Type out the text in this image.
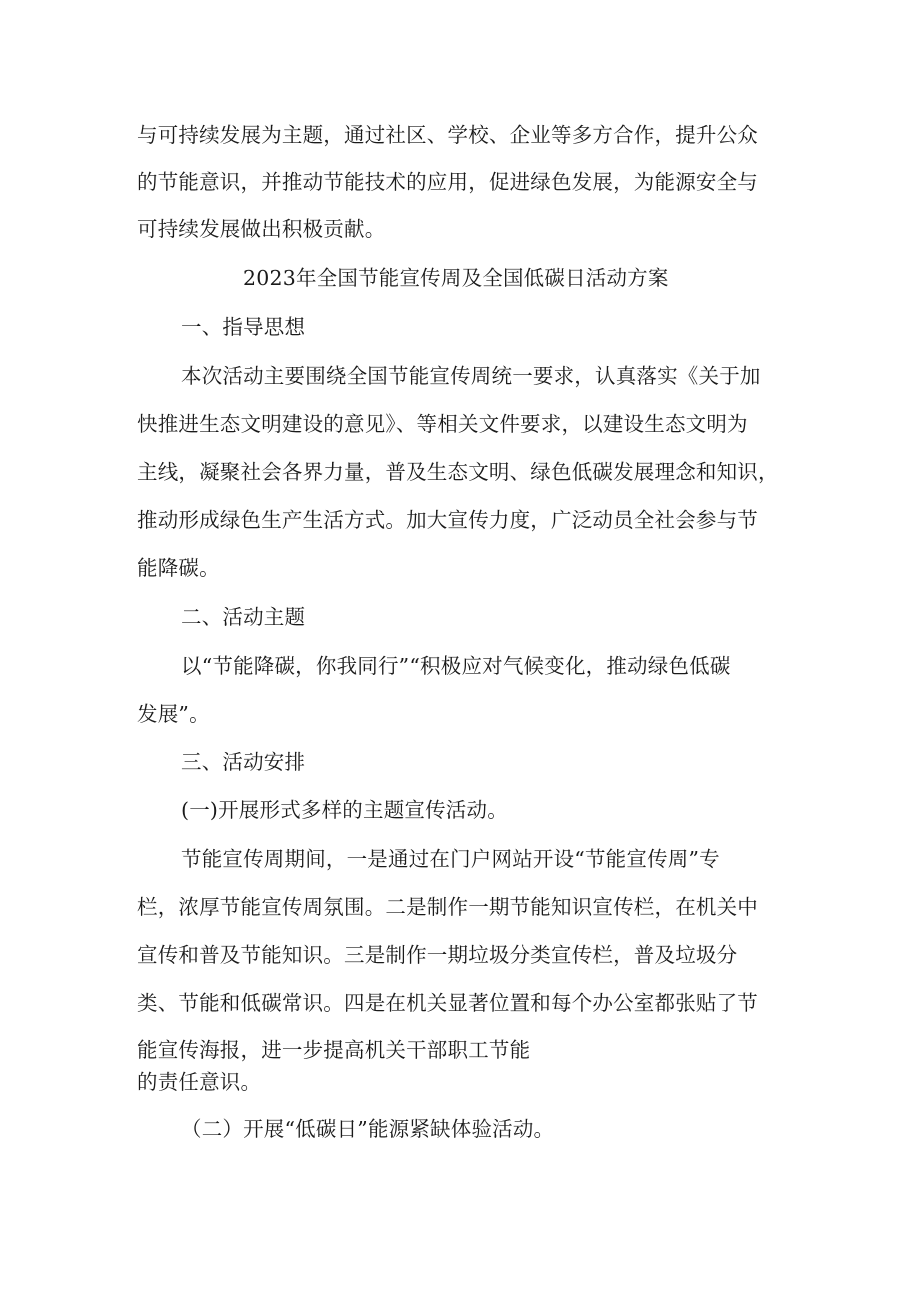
与可持续发展为主题，通过社区、学校、企业等多方合作，提升公众
的节能意识，并推动节能技术的应用，促进绿色发展，为能源安全与
可持续发展做出积极贡献。
2023年全国节能宣传周及全国低碳日活动方案
一、指导思想
本次活动主要围绕全国节能宣传周统一要求，认真落实《关于加
快推进生态文明建设的意见》、等相关文件要求，以建设生态文明为
主线，凝聚社会各界力量，普及生态文明、绿色低碳发展理念和知识，
推动形成绿色生产生活方式。加大宣传力度，广泛动员全社会参与节
能降碳。
二、活动主题
以“节能降碳，你我同行”“积极应对气候变化，推动绿色低碳
发展”。
三、活动安排
(一)开展形式多样的主题宣传活动。
节能宣传周期间，一是通过在门户网站开设“节能宣传周”专
栏，浓厚节能宣传周氛围。二是制作一期节能知识宣传栏，在机关中
宣传和普及节能知识。三是制作一期垃圾分类宣传栏，普及垃圾分
类、节能和低碳常识。四是在机关显著位置和每个办公室都张贴了节
能宣传海报，进一步提高机关干部职工节能
的责任意识。
（二）开展“低碳日”能源紧缺体验活动。
